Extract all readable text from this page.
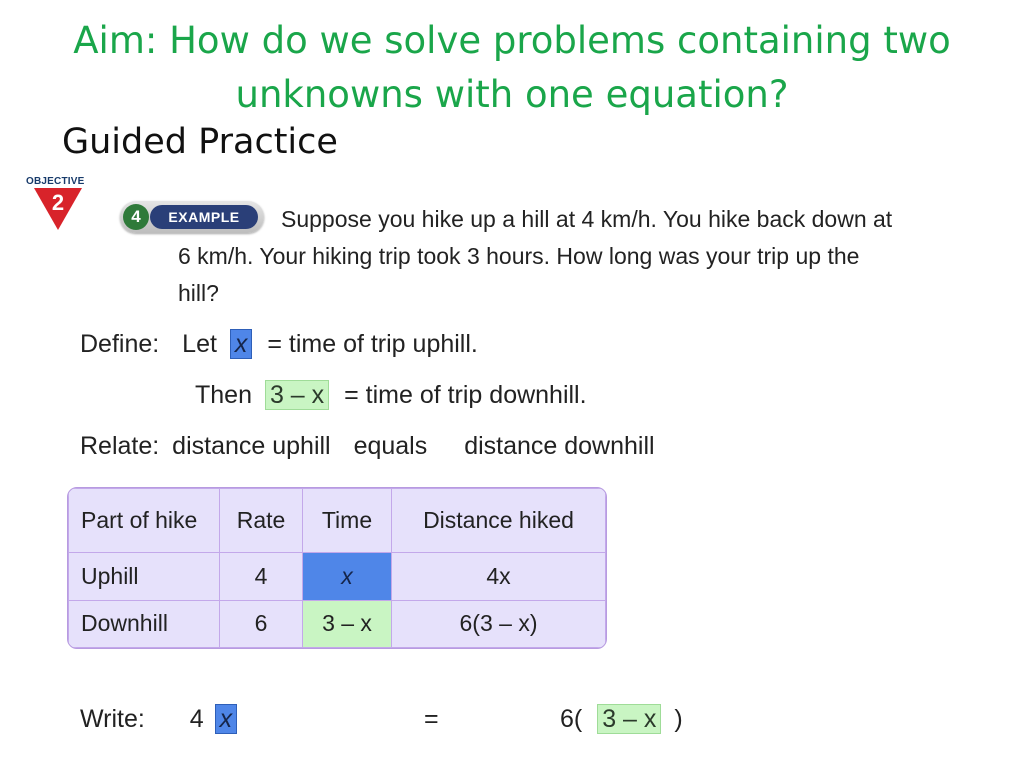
Aim: How do we solve problems containing two
unknowns with one equation?
Guided Practice
OBJECTIVE
2
4	EXAMPLE	Suppose you hike up a hill at 4 km/h. You hike back down at
6 km/h. Your hiking trip took 3 hours. How long was your trip up the
hill?
Define: Let x = time of trip uphill.
Then 3 – x = time of trip downhill.
Relate: distance uphill equals distance downhill
Part of hike	Rate	Time	Distance hiked
Uphill	4	x	4x
Downhill	6	3 – x	6(3 – x)
Write: 4 x	=	6( 3 – x )
